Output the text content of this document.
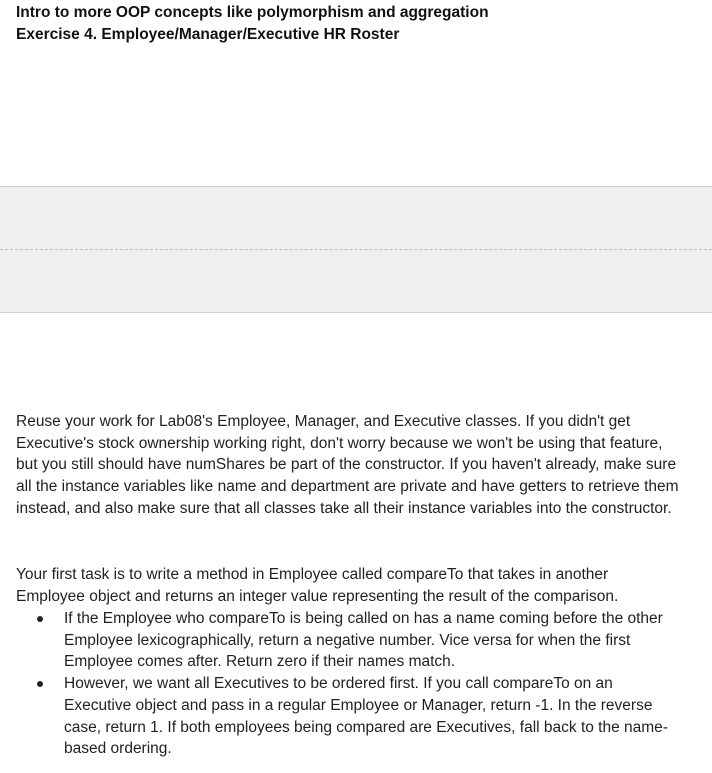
Intro to more OOP concepts like polymorphism and aggregation
Exercise 4. Employee/Manager/Executive HR Roster
Reuse your work for Lab08's Employee, Manager, and Executive classes. If you didn't get Executive's stock ownership working right, don't worry because we won't be using that feature, but you still should have numShares be part of the constructor. If you haven't already, make sure all the instance variables like name and department are private and have getters to retrieve them instead, and also make sure that all classes take all their instance variables into the constructor.
Your first task is to write a method in Employee called compareTo that takes in another Employee object and returns an integer value representing the result of the comparison.
If the Employee who compareTo is being called on has a name coming before the other Employee lexicographically, return a negative number. Vice versa for when the first Employee comes after. Return zero if their names match.
However, we want all Executives to be ordered first. If you call compareTo on an Executive object and pass in a regular Employee or Manager, return -1. In the reverse case, return 1. If both employees being compared are Executives, fall back to the name-based ordering.
